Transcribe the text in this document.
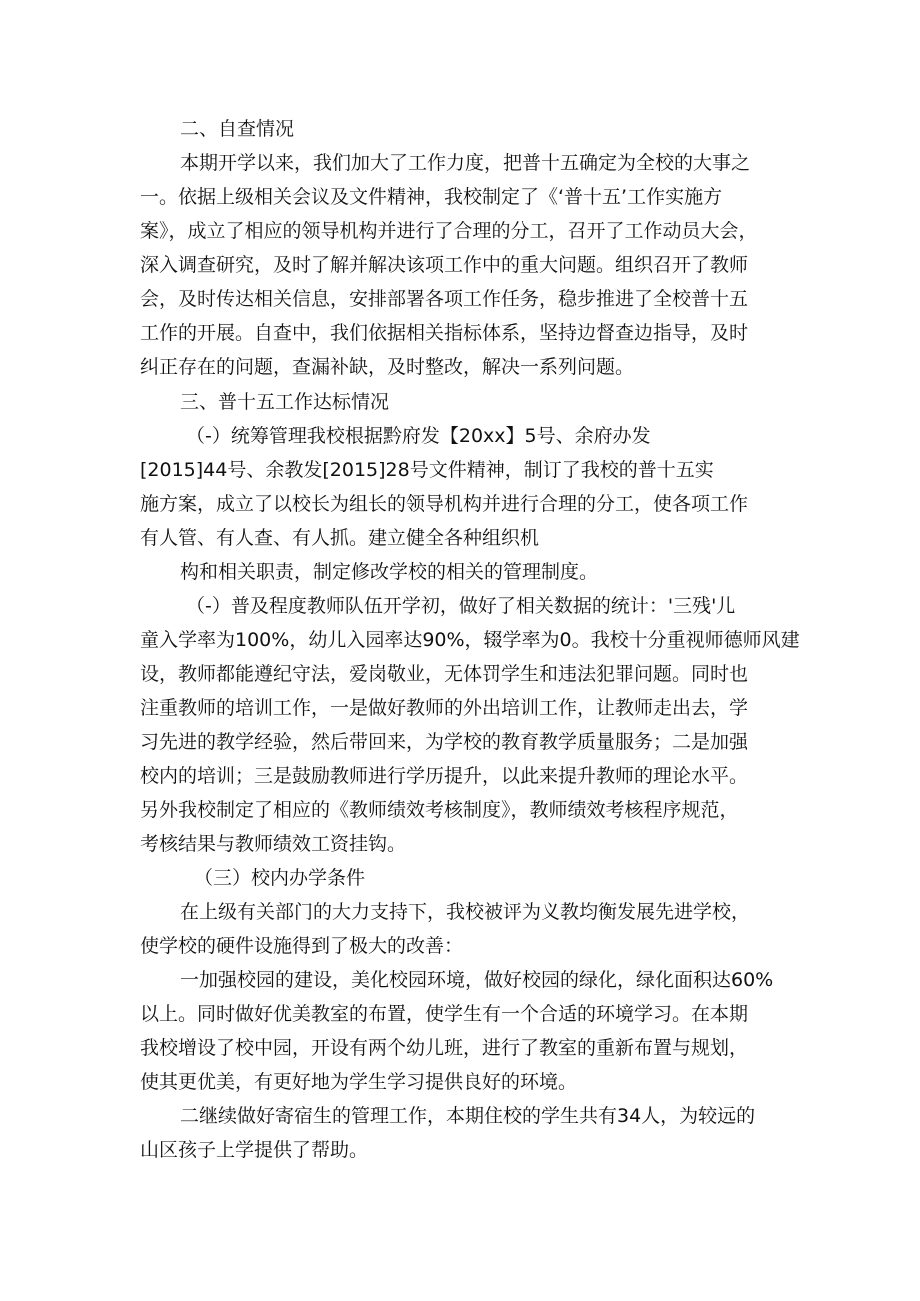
二、自查情况
本期开学以来，我们加大了工作力度，把普十五确定为全校的大事之
一。依据上级相关会议及文件精神，我校制定了《‘普十五’工作实施方
案》，成立了相应的领导机构并进行了合理的分工，召开了工作动员大会，
深入调查研究，及时了解并解决该项工作中的重大问题。组织召开了教师
会，及时传达相关信息，安排部署各项工作任务，稳步推进了全校普十五
工作的开展。自查中，我们依据相关指标体系，坚持边督查边指导，及时
纠正存在的问题，查漏补缺，及时整改，解决一系列问题。
三、普十五工作达标情况
（-）统筹管理我校根据黔府发【20xx】5号、余府办发
[2015]44号、余教发[2015]28号文件精神，制订了我校的普十五实
施方案，成立了以校长为组长的领导机构并进行合理的分工，使各项工作
有人管、有人查、有人抓。建立健全各种组织机
构和相关职责，制定修改学校的相关的管理制度。
（-）普及程度教师队伍开学初，做好了相关数据的统计：'三残'儿
童入学率为100%，幼儿入园率达90%，辍学率为0。我校十分重视师德师风建
设，教师都能遵纪守法，爱岗敬业，无体罚学生和违法犯罪问题。同时也
注重教师的培训工作，一是做好教师的外出培训工作，让教师走出去，学
习先进的教学经验，然后带回来，为学校的教育教学质量服务；二是加强
校内的培训；三是鼓励教师进行学历提升，以此来提升教师的理论水平。
另外我校制定了相应的《教师绩效考核制度》，教师绩效考核程序规范，
考核结果与教师绩效工资挂钩。
（三）校内办学条件
在上级有关部门的大力支持下，我校被评为义教均衡发展先进学校，
使学校的硬件设施得到了极大的改善：
一加强校园的建设，美化校园环境，做好校园的绿化，绿化面积达60%
以上。同时做好优美教室的布置，使学生有一个合适的环境学习。在本期
我校增设了校中园，开设有两个幼儿班，进行了教室的重新布置与规划，
使其更优美，有更好地为学生学习提供良好的环境。
二继续做好寄宿生的管理工作，本期住校的学生共有34人，为较远的
山区孩子上学提供了帮助。
